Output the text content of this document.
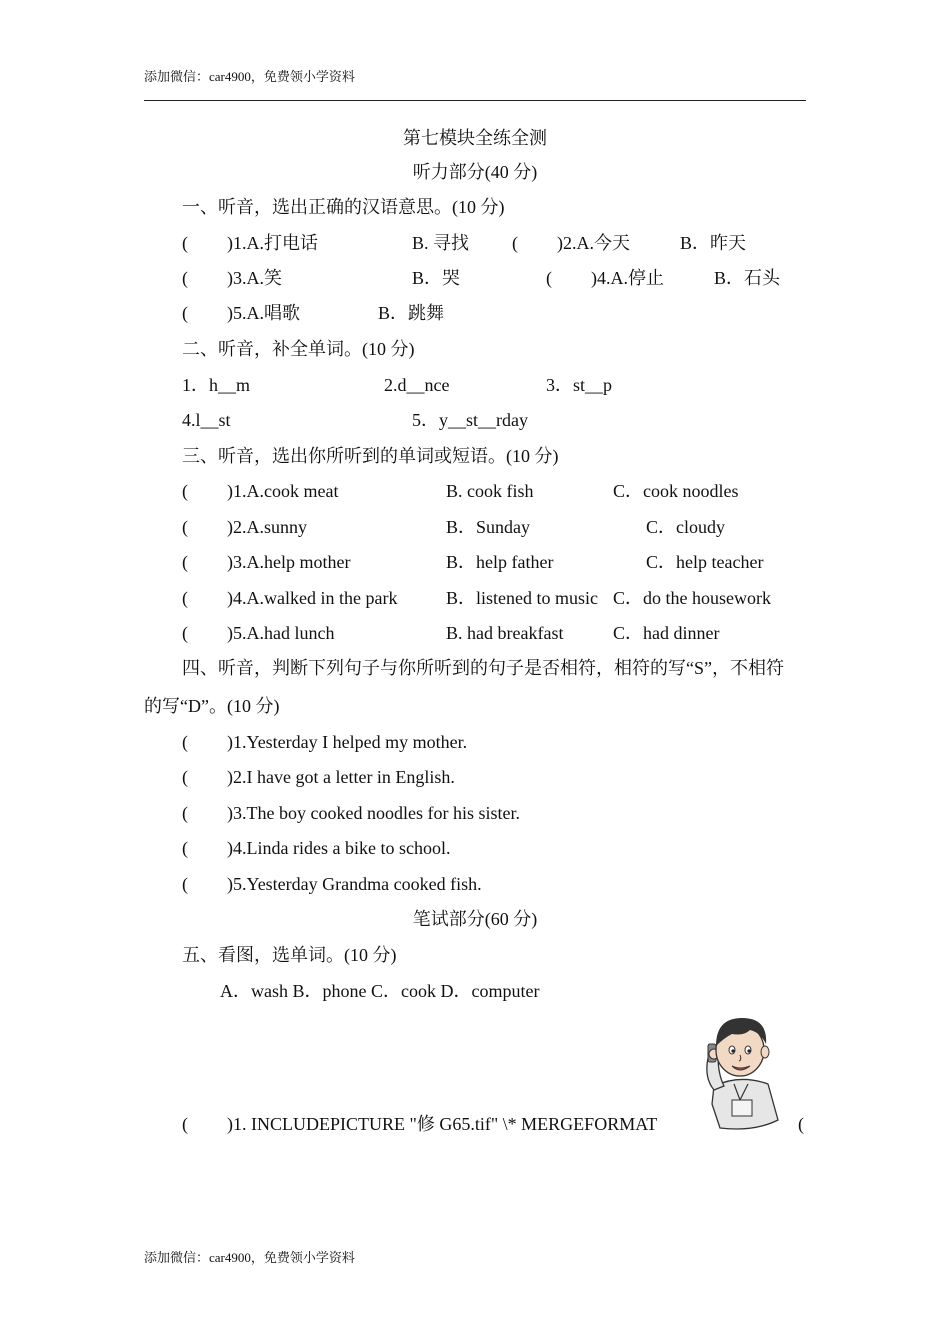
添加微信：car4900，免费领小学资料
第七模块全练全测
听力部分(40 分)
一、听音，选出正确的汉语意思。(10 分)
( )1.A.打电话	B. 寻找 ( )2.A.今天	B．昨天
( )3.A.笑	B．哭	( )4.A.停止	B．石头
( )5.A.唱歌	B．跳舞
二、听音，补全单词。(10 分)
1．h__m	2.d__nce	3．st__p
4.l__st	5．y__st__rday
三、听音，选出你所听到的单词或短语。(10 分)
( )1.A.cook meat	B. cook fish	C．cook noodles
( )2.A.sunny	B．Sunday	C．cloudy
( )3.A.help mother	B．help father	C．help teacher
( )4.A.walked in the park	B．listened to music C．do the housework
( )5.A.had lunch	B. had breakfast	C．had dinner
四、听音，判断下列句子与你所听到的句子是否相符，相符的写“S”，不相符
的写“D”。(10 分)
( )1.Yesterday I helped my mother.
( )2.I have got a letter in English.
( )3.The boy cooked noodles for his sister.
( )4.Linda rides a bike to school.
( )5.Yesterday Grandma cooked fish.
笔试部分(60 分)
五、看图，选单词。(10 分)
A．wash B．phone C．cook D．computer
( )1. INCLUDEPICTURE "修 G65.tif" \* MERGEFORMAT	(
添加微信：car4900，免费领小学资料
